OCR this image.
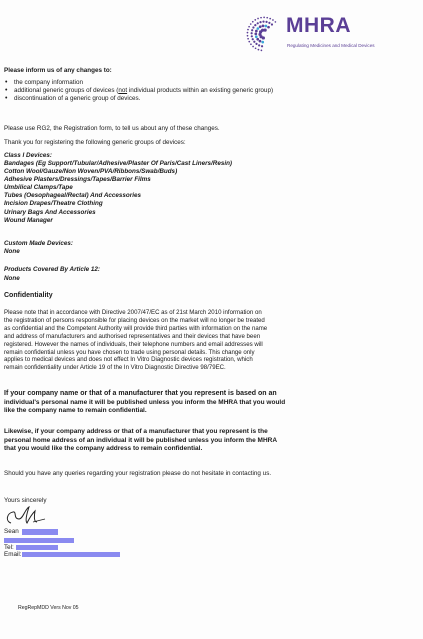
MHRA
Regulating Medicines and Medical Devices
Please inform us of any changes to:
• the company information
• additional generic groups of devices (not individual products within an existing generic group)
• discontinuation of a generic group of devices.
Please use RG2, the Registration form, to tell us about any of these changes.
Thank you for registering the following generic groups of devices:
Class I Devices:
Bandages (Eg Support/Tubular/Adhesive/Plaster Of Paris/Cast Liners/Resin)
Cotton Wool/Gauze/Non Woven/PVA/Ribbons/Swab/Buds)
Adhesive Plasters/Dressings/Tapes/Barrier Films
Umbilical Clamps/Tape
Tubes (Oesophageal/Rectal) And Accessories
Incision Drapes/Theatre Clothing
Urinary Bags And Accessories
Wound Manager
Custom Made Devices:
None
Products Covered By Article 12:
None
Confidentiality
Please note that in accordance with Directive 2007/47/EC as of 21st March 2010 information on
the registration of persons responsible for placing devices on the market will no longer be treated
as confidential and the Competent Authority will provide third parties with information on the name
and address of manufacturers and authorised representatives and their devices that have been
registered. However the names of individuals, their telephone numbers and email addresses will
remain confidential unless you have chosen to trade using personal details. This change only
applies to medical devices and does not effect In Vitro Diagnostic devices registration, which
remain confidentiality under Article 19 of the In Vitro Diagnostic Directive 98/79EC.
If your company name or that of a manufacturer that you represent is based on an
individual's personal name it will be published unless you inform the MHRA that you would
like the company name to remain confidential.
Likewise, if your company address or that of a manufacturer that you represent is the
personal home address of an individual it will be published unless you inform the MHRA
that you would like the company address to remain confidential.
Should you have any queries regarding your registration please do not hesitate in contacting us.
Yours sincerely
Sean
Tel:
Email:
RegRepMDD Vers Nov 05
